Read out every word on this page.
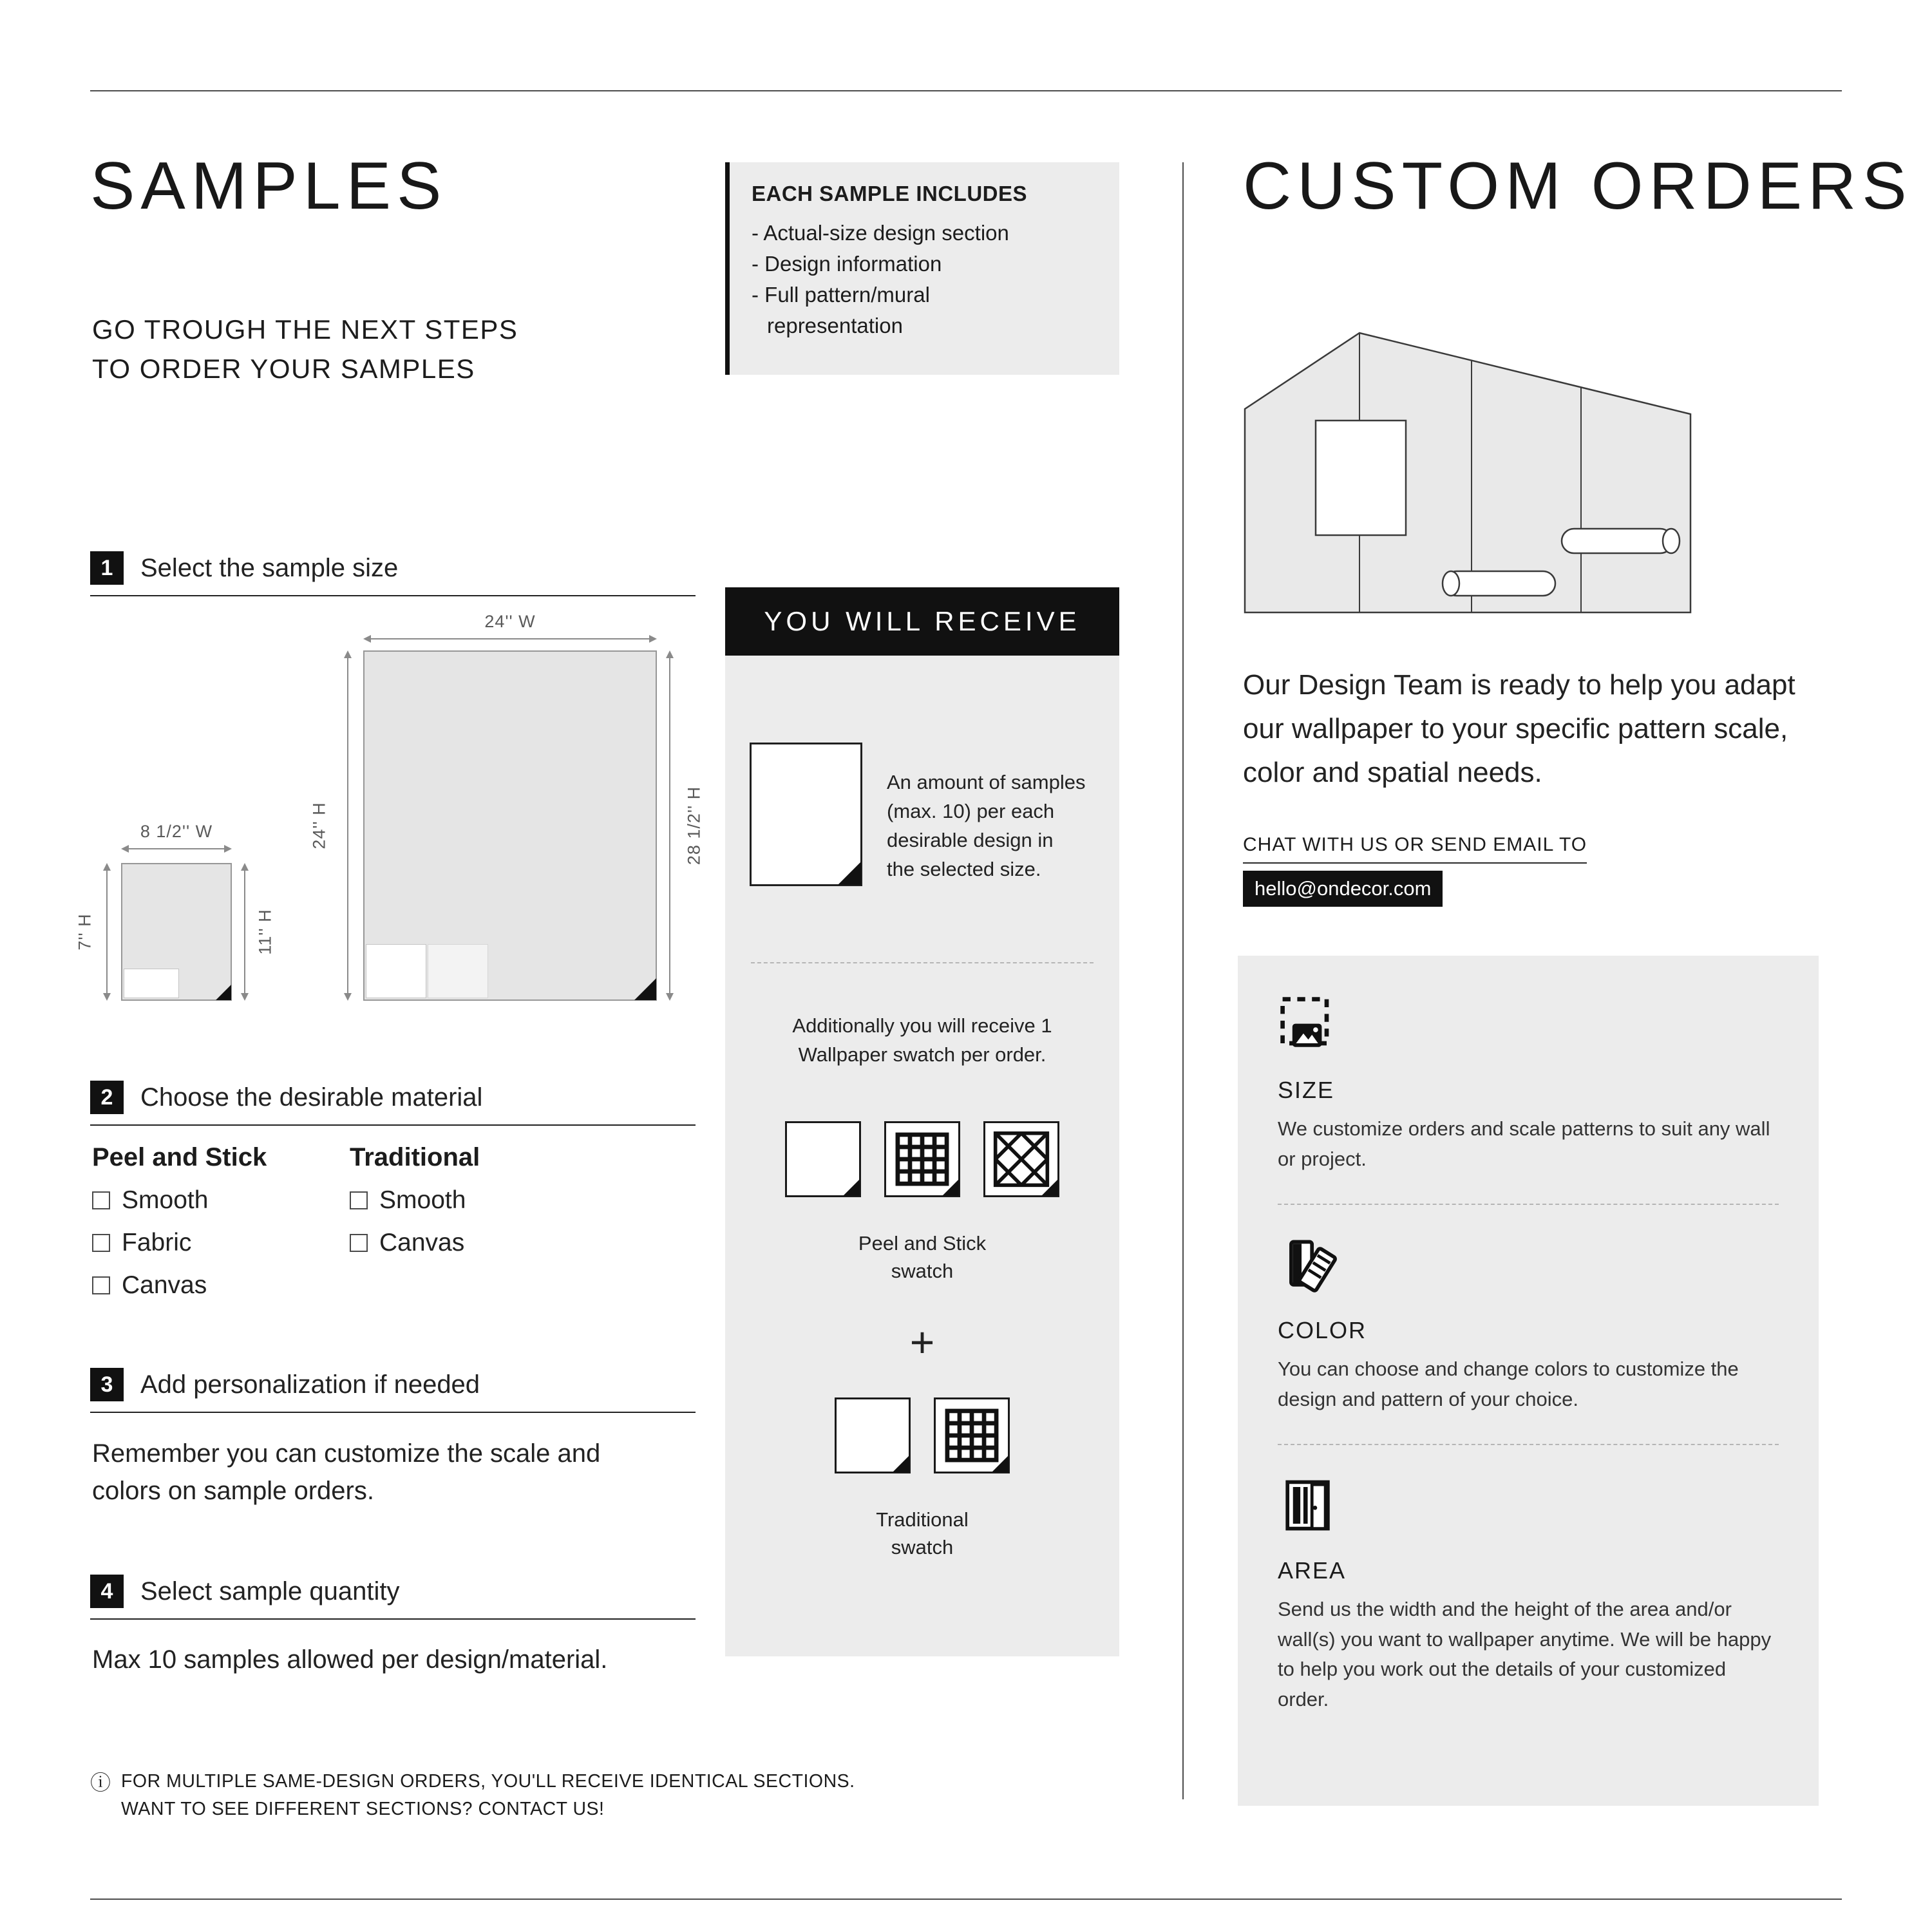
SAMPLES
GO TROUGH THE NEXT STEPS
TO ORDER YOUR SAMPLES
EACH SAMPLE INCLUDES
- Actual-size design section
- Design information
- Full pattern/mural representation
1	Select the sample size
24'' W
24'' H	28 1/2'' H
8 1/2'' W
7'' H	11'' H
2	Choose the desirable material
Peel and Stick
Smooth
Fabric
Canvas
Traditional
Smooth
Canvas
3	Add personalization if needed
Remember you can customize the scale and colors on sample orders.
4	Select sample quantity
Max 10 samples allowed per design/material.
ⓘ FOR MULTIPLE SAME-DESIGN ORDERS, YOU'LL RECEIVE IDENTICAL SECTIONS. WANT TO SEE DIFFERENT SECTIONS? CONTACT US!
YOU WILL RECEIVE
An amount of samples (max. 10) per each desirable design in the selected size.
Additionally you will receive 1 Wallpaper swatch per order.
Peel and Stick swatch
+
Traditional swatch
CUSTOM ORDERS
Our Design Team is ready to help you adapt our wallpaper to your specific pattern scale, color and spatial needs.
CHAT WITH US OR SEND EMAIL TO
hello@ondecor.com
SIZE
We customize orders and scale patterns to suit any wall or project.
COLOR
You can choose and change colors to customize the design and pattern of your choice.
AREA
Send us the width and the height of the area and/or wall(s) you want to wallpaper anytime. We will be happy to help you work out the details of your customized order.
